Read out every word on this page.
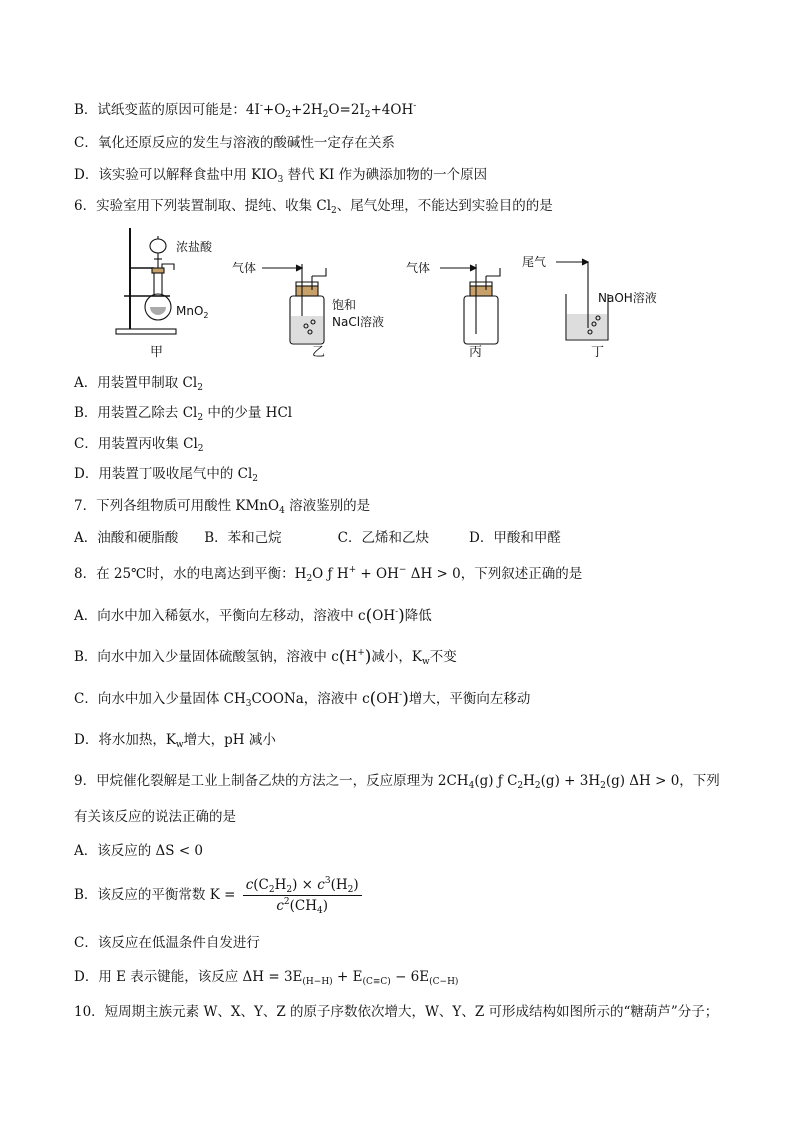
B．试纸变蓝的原因可能是：$4I^-+O_2+2H_2O=2I_2+4OH^-$
C．氧化还原反应的发生与溶液的酸碱性一定存在关系
D．该实验可以解释食盐中用 $KIO_3$ 替代 KI 作为碘添加物的一个原因
6．实验室用下列装置制取、提纯、收集 $Cl_2$、尾气处理，不能达到实验目的的是
浓盐酸
MnO$_2$
气体
饱和
NaCl溶液
气体	尾气
NaOH溶液
甲	乙	丙	丁
A．用装置甲制取 $Cl_2$
B．用装置乙除去 $Cl_2$ 中的少量 HCl
C．用装置丙收集 $Cl_2$
D．用装置丁吸收尾气中的 $Cl_2$
7．下列各组物质可用酸性 KMnO$_4$ 溶液鉴别的是
A．油酸和硬脂酸 B．苯和己烷	C．乙烯和乙炔	D．甲酸和甲醛
8．在 25℃时，水的电离达到平衡：$H_2O$ ƒ H+ + OH− ΔH > 0，下列叙述正确的是
A．向水中加入稀氨水，平衡向左移动，溶液中 c(OH-)降低
B．向水中加入少量固体硫酸氢钠，溶液中 c(H+)减小，$K_w$不变
C．向水中加入少量固体 $CH_3COONa$，溶液中 c(OH-)增大，平衡向左移动
D．将水加热，$K_w$增大，pH 减小
9．甲烷催化裂解是工业上制备乙炔的方法之一，反应原理为 $2CH_4(g)$ ƒ $C_2H_2(g) + 3H_2(g) \Delta H > 0$，下列
有关该反应的说法正确的是
A．该反应的 ΔS < 0
B．该反应的平衡常数 $K = \frac{c(C_2H_2) \times c^3(H_2)}{c^2(CH_4)}$
C．该反应在低温条件自发进行
D．用 E 表示键能，该反应 $\Delta H = 3E_{(H-H)} + E_{(C\equiv C)} - 6E_{(C-H)}$
10．短周期主族元素 W、X、Y、Z 的原子序数依次增大，W、Y、Z 可形成结构如图所示的“糖葫芦”分子；
